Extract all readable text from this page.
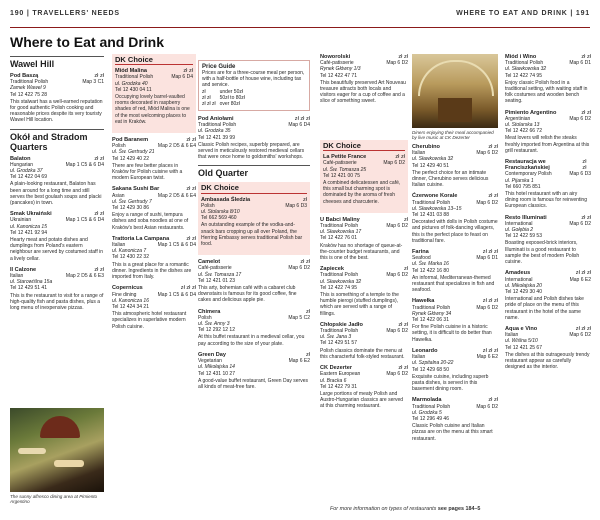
190 | TRAVELLERS' NEEDS	WHERE TO EAT AND DRINK | 191
Where to Eat and Drink
Wawel Hill
Pod Baszą	zł zł
Traditional Polish	Map 3 C1
Zamek Wawel 9
Tel 12 422 75 28
This stalwart has a well-earned reputation for good authentic Polish cooking and reasonable prices despite its very touristy Wawel Hill location.
Okół and Stradom Quarters
Balaton	zł zł
Hungarian	Map 1 C5 & 6 D4
ul. Grodzka 37
Tel 12 422 04 69
A plain-looking restaurant, Balaton has been around for a long time and still serves the best goulash soups and placki (pancakes) in town.
Smak Ukraiński	zł zł
Ukrainian	Map 1 C5 & 6 D4
ul. Kanonicza 15
Tel 12 421 92 94
Hearty meat and potato dishes and dumplings from Poland's eastern neighbour are served by costumed staff in a lively cellar.
Il Calzone	zł zł
Italian	Map 2 D5 & 6 E3
ul. Starowiślna 15a
Tel 12 429 51 41
This is the restaurant to visit for a range of high-quality fish and pasta dishes, plus a long menu of inexpensive pizzas.
The sunny alfresco dining area at Pimiento Argentino
DK Choice
Miód Malina	zł zł
Traditional Polish	Map 6 D4
ul. Grodzka 40
Tel 12 430 04 11
Occupying lovely barrel-vaulted rooms decorated in raspberry shades of red, Miód Malina is one of the most welcoming places to eat in Kraków.
Pod Baranem	zł zł
Polish	Map 2 D5 & 6 E4
ul. Św. Gertrudy 21
Tel 12 429 40 22
There are few better places in Kraków for Polish cuisine with a modern European twist.
Sakana Sushi Bar	zł zł
Asian	Map 2 D5 & 6 E4
ul. Św. Gertrudy 7
Tel 12 429 30 86
Enjoy a range of sushi, tempura dishes and soba noodles at one of Kraków's best Asian restaurants.
Trattoria La Campana	zł zł
Italian	Map 1 C5 & 6 D4
ul. Kanonicza 7
Tel 12 430 22 32
This is a great place for a romantic dinner. Ingredients in the dishes are imported from Italy.
Copernicus	zł zł zł
Fine dining	Map 1 C5 & 6 D4
ul. Kanonicza 16
Tel 12 424 34 21
This atmospheric hotel restaurant specializes in superlative modern Polish cuisine.
Price Guide
Prices are for a three-course meal per person, with a half-bottle of house wine, including tax and service.
zł	under 50zł
zł zł	50zł to 80zł
zł zł zł	over 80zł
Pod Aniołami	zł zł zł
Traditional Polish	Map 6 D4
ul. Grodzka 35
Tel 12 421 39 99
Classic Polish recipes, superbly prepared, are served in meticulously restored medieval cellars that were once home to goldsmiths' workshops.
Old Quarter
DK Choice
Ambasada Śledzia	zł
Polish	Map 6 D3
ul. Stolarska 8/10
Tel 662 569 460
An outstanding example of the vodka-and-snack bars cropping up all over Poland, the Herring Embassy serves traditional Polish bar food.
Camelot	zł zł
Café-patisserie	Map 6 D2
ul. Św. Tomasza 17
Tel 12 421 01 23
This arty, bohemian café with a cabaret club downstairs is famous for its good coffee, fine cakes and delicious apple pie.
Chimera	zł
Polish	Map 5 C2
ul. Św. Anny 3
Tel 12 292 12 12
At this buffet restaurant in a medieval cellar, you pay according to the size of your plate.
Green Day	zł
Vegetarian	Map 6 E2
ul. Mikołajska 14
Tel 12 431 10 27
A good-value buffet restaurant, Green Day serves all kinds of meat-free fare.
Noworolski	zł zł
Café-patisserie	Map 6 D2
Rynek Główny 1/3
Tel 12 422 47 71
This beautifully preserved Art Nouveau treasure attracts both locals and visitors eager for a cup of coffee and a slice of something sweet.
DK Choice
La Petite France	zł zł
Café-patisserie	Map 6 D2
ul. Św. Tomasza 25
Tel 12 421 00 75
A combined delicatessen and café, this small but charming spot is dominated by the aroma of fresh cheeses and charcuterie.
U Babci Maliny	zł
Traditional Polish	Map 6 D2
ul. Sławkowska 17
Tel 12 422 76 01
Kraków has no shortage of queue-at-the-counter budget restaurants, and this is one of the best.
Zapiecek	zł
Traditional Polish	Map 6 D2
ul. Sławkowska 32
Tel 12 422 74 95
This is something of a temple to the humble pierogi (stuffed dumplings), which are served with a range of fillings.
Chłopskie Jadło	zł zł
Traditional Polish	Map 6 D2
ul. Św. Jana 3
Tel 12 429 51 57
Polish classics dominate the menu at this characterful folk-styled restaurant.
CK Dezerter	zł zł
Eastern European	Map 6 D2
ul. Bracka 6
Tel 12 422 79 31
Large portions of meaty Polish and Austro-Hungarian classics are served at this charming restaurant.
Diners enjoying their meal accompanied by live music at CK Dezerter
Cherubino	zł zł
Italian	Map 6 D2
ul. Sławkowska 32
Tel 12 429 40 51
The perfect choice for an intimate dinner, Cherubino serves delicious Italian cuisine.
Ćzerwone Korale	zł zł
Traditional Polish	Map 6 D2
ul. Sławkowska 13–15
Tel 12 431 03 88
Decorated with dolls in Polish costume and pictures of folk-dancing villagers, this is the perfect place to feast on traditional fare.
Farina	zł zł zł
Seafood	Map 6 D1
ul. Św. Marka 16
Tel 12 422 16 80
An informal, Mediterranean-themed restaurant that specializes in fish and seafood.
Hawełka	zł zł zł
Traditional Polish	Map 6 D2
Rynek Główny 34
Tel 12 422 06 31
For fine Polish cuisine in a historic setting, it is difficult to do better than Hawełka.
Leonardo	zł zł zł
Italian	Map 6 E2
ul. Szpitalna 20-22
Tel 12 429 68 50
Exquisite cuisine, including superb pasta dishes, is served in this basement dining room.
Marmolada	zł zł
Traditional Polish	Map 6 D2
ul. Grodzka 5
Tel 12 296 49 46
Classic Polish cuisine and Italian pizzas are on the menu at this smart restaurant.
Miód i Wino	zł zł
Traditional Polish	Map 6 D1
ul. Sławkowska 32
Tel 12 422 74 95
Enjoy classic Polish food in a traditional setting, with waiting staff in folk costumes and wooden bench seating.
Pimiento Argentino	zł zł
Argentinian	Map 6 D2
ul. Stolarska 13
Tel 12 422 66 72
Meat lovers will relish the steaks freshly imported from Argentina at this grill restaurant.
Restauracja we Franciszkańskiej
zł zł
Contemporary Polish	Map 6 D3
ul. Pijarska 1
Tel 660 795 851
This hotel restaurant with an airy dining room is famous for reinventing European classics.
Resto Illuminati	zł zł
International	Map 6 D2
ul. Gołębia 2
Tel 12 422 59 53
Boasting exposed-brick interiors, Illuminati is a good restaurant to sample the best of modern Polish cuisine.
Amadeus	zł zł zł
International	Map 6 E2
ul. Mikołajska 20
Tel 12 429 30 40
International and Polish dishes take pride of place on the menu of this restaurant in the hotel of the same name.
Aqua e Vino	zł zł zł
Italian	Map 6 D2
ul. Wiślna 5/10
Tel 12 421 25 67
The dishes at this outrageously trendy restaurant appear as carefully designed as the interior.
For more information on types of restaurants see pages 184–5
